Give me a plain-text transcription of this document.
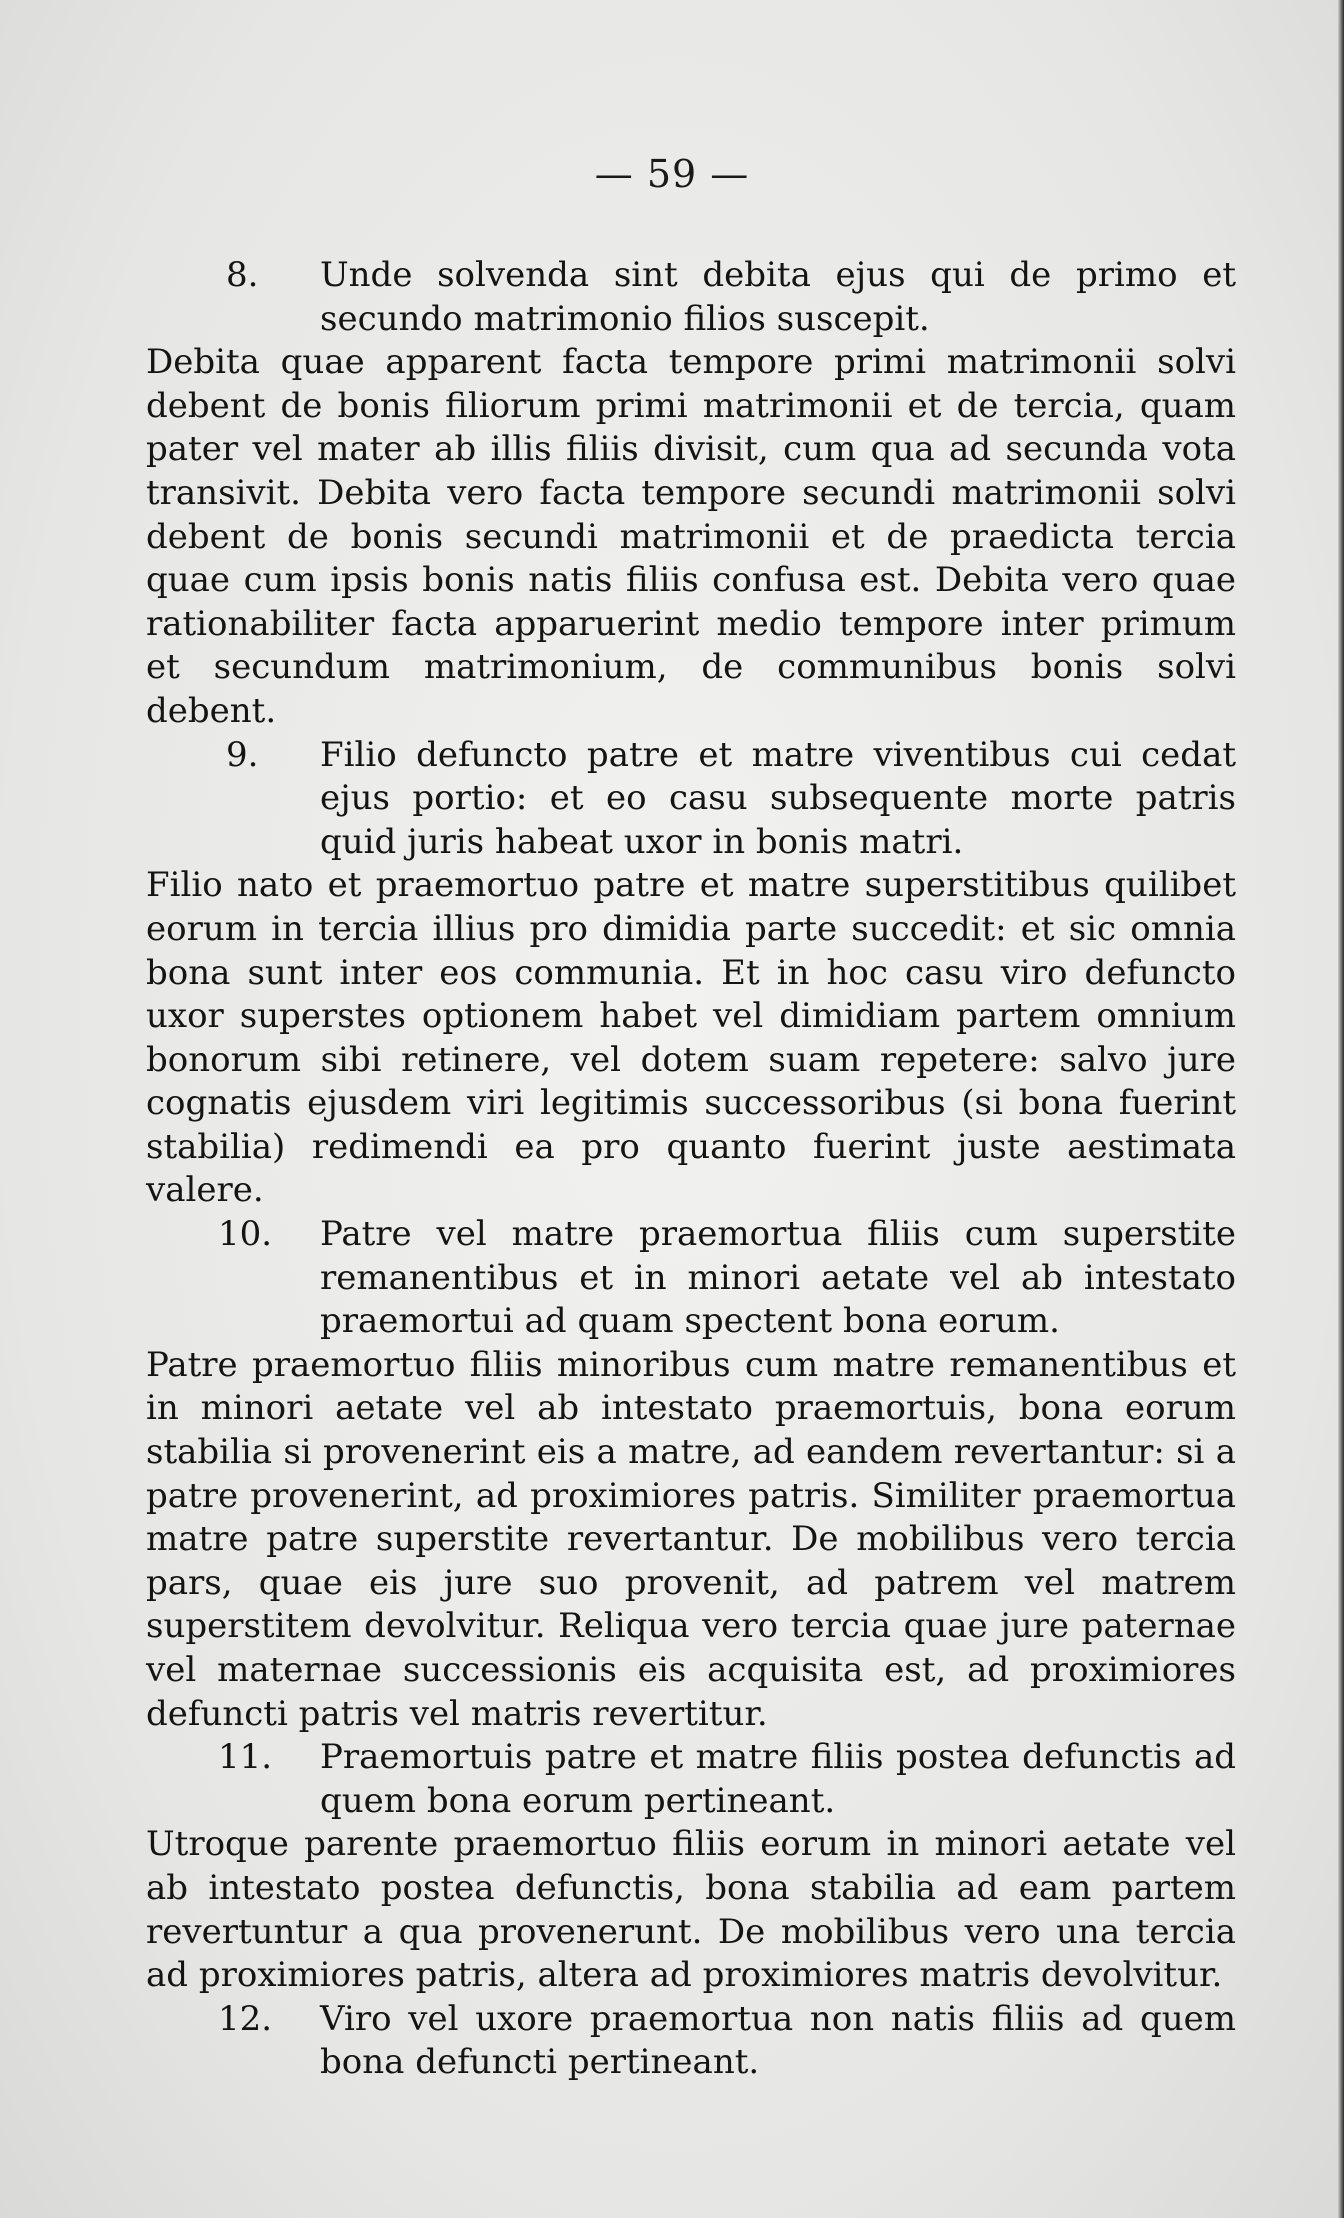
— 59 —

8. Unde solvenda sint debita ejus qui de primo et secundo matrimonio filios suscepit.

Debita quae apparent facta tempore primi matrimonii solvi debent de bonis filiorum primi matrimonii et de tercia, quam pater vel mater ab illis filiis divisit, cum qua ad secunda vota transivit. Debita vero facta tempore secundi matrimonii solvi debent de bonis secundi matrimonii et de praedicta tercia quae cum ipsis bonis natis filiis confusa est. Debita vero quae rationabiliter facta apparuerint medio tempore inter primum et secundum matrimonium, de communibus bonis solvi debent.

9. Filio defuncto patre et matre viventibus cui cedat ejus portio: et eo casu subsequente morte patris quid juris habeat uxor in bonis matri.

Filio nato et praemortuo patre et matre superstitibus quilibet eorum in tercia illius pro dimidia parte succedit: et sic omnia bona sunt inter eos communia. Et in hoc casu viro defuncto uxor superstes optionem habet vel dimidiam partem omnium bonorum sibi retinere, vel dotem suam repetere: salvo jure cognatis ejusdem viri legitimis successoribus (si bona fuerint stabilia) redimendi ea pro quanto fuerint juste aestimata valere.

10. Patre vel matre praemortua filiis cum superstite remanentibus et in minori aetate vel ab intestato praemortui ad quam spectent bona eorum.

Patre praemortuo filiis minoribus cum matre remanentibus et in minori aetate vel ab intestato praemortuis, bona eorum stabilia si provenerint eis a matre, ad eandem revertantur: si a patre provenerint, ad proximiores patris. Similiter praemortua matre patre superstite revertantur. De mobilibus vero tercia pars, quae eis jure suo provenit, ad patrem vel matrem superstitem devolvitur. Reliqua vero tercia quae jure paternae vel maternae successionis eis acquisita est, ad proximiores defuncti patris vel matris revertitur.

11. Praemortuis patre et matre filiis postea defunctis ad quem bona eorum pertineant.

Utroque parente praemortuo filiis eorum in minori aetate vel ab intestato postea defunctis, bona stabilia ad eam partem revertuntur a qua provenerunt. De mobilibus vero una tercia ad proximiores patris, altera ad proximiores matris devolvitur.

12. Viro vel uxore praemortua non natis filiis ad quem bona defuncti pertineant.
